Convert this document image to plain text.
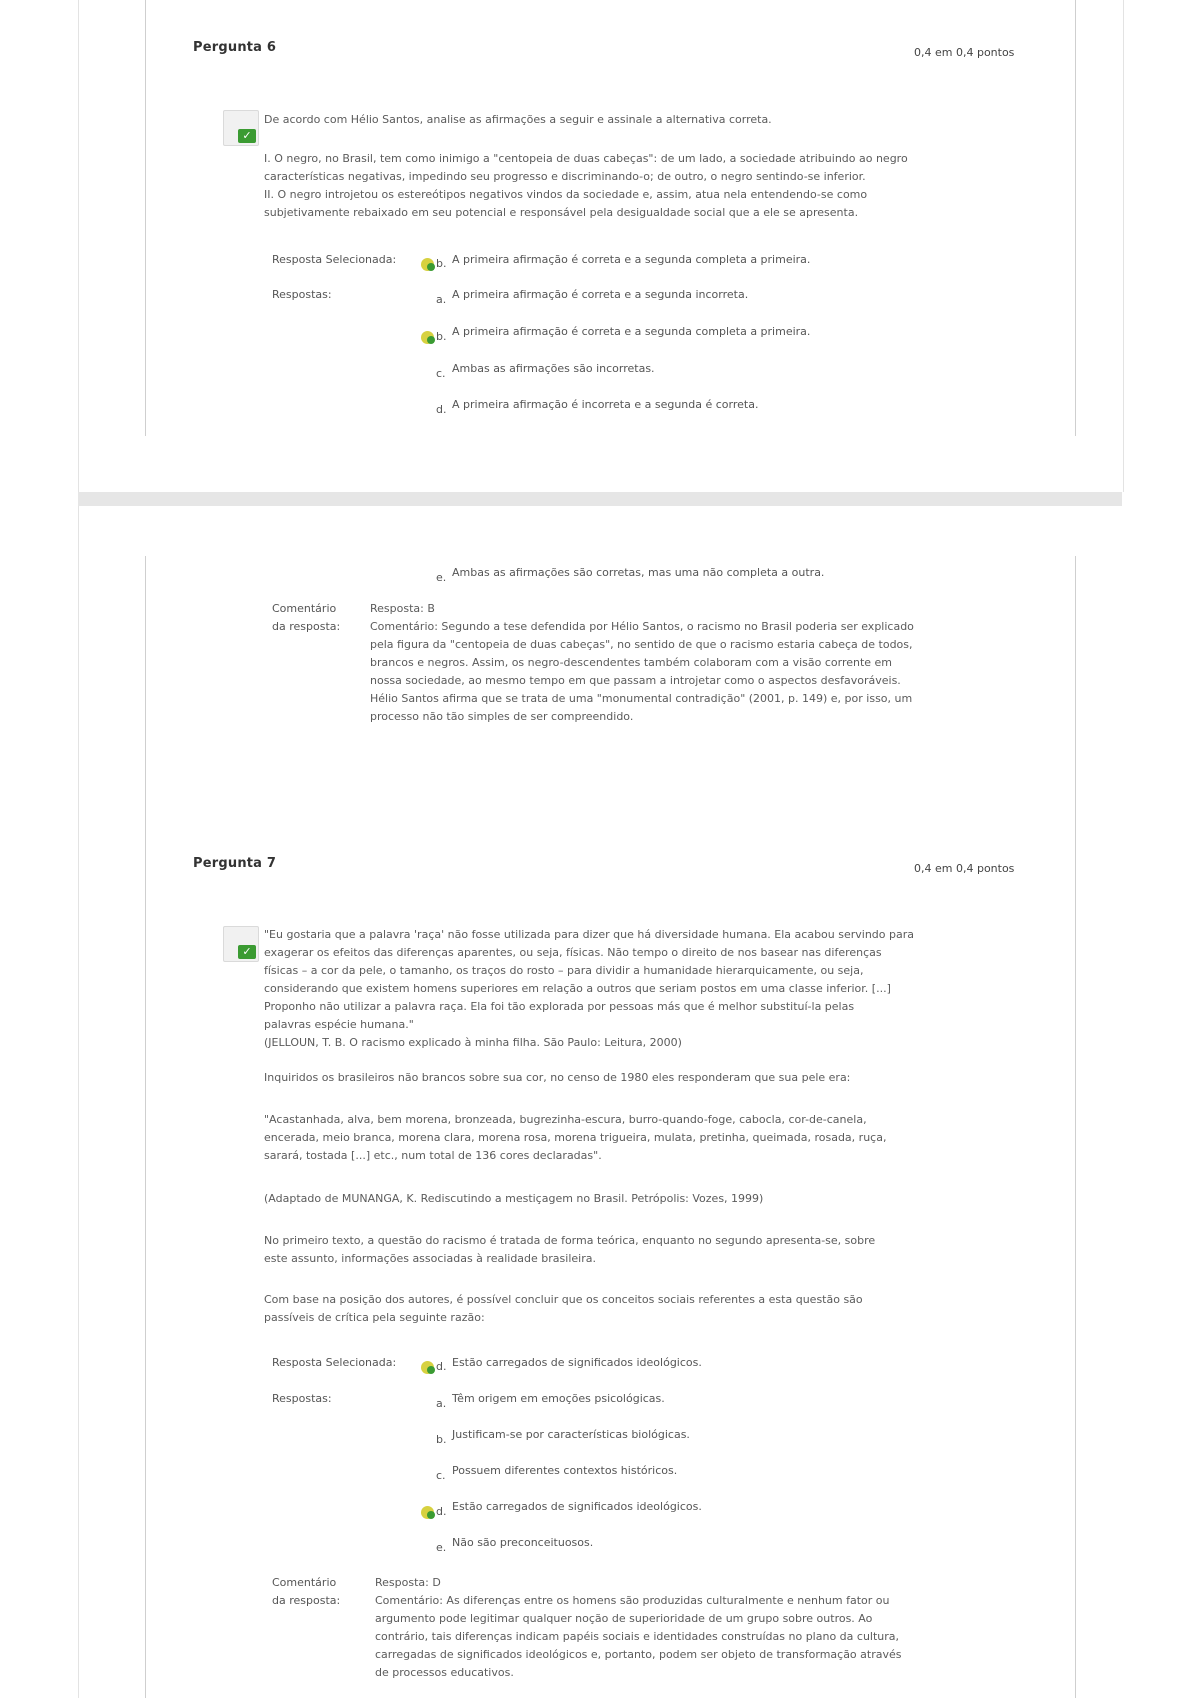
Pergunta 6	0,4 em 0,4 pontos
✓
De acordo com Hélio Santos, analise as afirmações a seguir e assinale a alternativa correta.
I. O negro, no Brasil, tem como inimigo a "centopeia de duas cabeças": de um lado, a sociedade atribuindo ao negro
características negativas, impedindo seu progresso e discriminando-o; de outro, o negro sentindo-se inferior.
II. O negro introjetou os estereótipos negativos vindos da sociedade e, assim, atua nela entendendo-se como
subjetivamente rebaixado em seu potencial e responsável pela desigualdade social que a ele se apresenta.
Resposta Selecionada:	b. A primeira afirmação é correta e a segunda completa a primeira.
Respostas:	a. A primeira afirmação é correta e a segunda incorreta.
b. A primeira afirmação é correta e a segunda completa a primeira.
c. Ambas as afirmações são incorretas.
d. A primeira afirmação é incorreta e a segunda é correta.
e. Ambas as afirmações são corretas, mas uma não completa a outra.
Comentário
da resposta:
Resposta: B
Comentário: Segundo a tese defendida por Hélio Santos, o racismo no Brasil poderia ser explicado
pela figura da "centopeia de duas cabeças", no sentido de que o racismo estaria cabeça de todos,
brancos e negros. Assim, os negro-descendentes também colaboram com a visão corrente em
nossa sociedade, ao mesmo tempo em que passam a introjetar como o aspectos desfavoráveis.
Hélio Santos afirma que se trata de uma "monumental contradição" (2001, p. 149) e, por isso, um
processo não tão simples de ser compreendido.
Pergunta 7	0,4 em 0,4 pontos
✓
"Eu gostaria que a palavra 'raça' não fosse utilizada para dizer que há diversidade humana. Ela acabou servindo para
exagerar os efeitos das diferenças aparentes, ou seja, físicas. Não tempo o direito de nos basear nas diferenças
físicas – a cor da pele, o tamanho, os traços do rosto – para dividir a humanidade hierarquicamente, ou seja,
considerando que existem homens superiores em relação a outros que seriam postos em uma classe inferior. [...]
Proponho não utilizar a palavra raça. Ela foi tão explorada por pessoas más que é melhor substituí-la pelas
palavras espécie humana."
(JELLOUN, T. B. O racismo explicado à minha filha. São Paulo: Leitura, 2000)
Inquiridos os brasileiros não brancos sobre sua cor, no censo de 1980 eles responderam que sua pele era:
"Acastanhada, alva, bem morena, bronzeada, bugrezinha-escura, burro-quando-foge, cabocla, cor-de-canela,
encerada, meio branca, morena clara, morena rosa, morena trigueira, mulata, pretinha, queimada, rosada, ruça,
sarará, tostada [...] etc., num total de 136 cores declaradas".
(Adaptado de MUNANGA, K. Rediscutindo a mestiçagem no Brasil. Petrópolis: Vozes, 1999)
No primeiro texto, a questão do racismo é tratada de forma teórica, enquanto no segundo apresenta-se, sobre
este assunto, informações associadas à realidade brasileira.
Com base na posição dos autores, é possível concluir que os conceitos sociais referentes a esta questão são
passíveis de crítica pela seguinte razão:
Resposta Selecionada:	d. Estão carregados de significados ideológicos.
Respostas:	a. Têm origem em emoções psicológicas.
b. Justificam-se por características biológicas.
c. Possuem diferentes contextos históricos.
d. Estão carregados de significados ideológicos.
e. Não são preconceituosos.
Comentário
da resposta:
Resposta: D
Comentário: As diferenças entre os homens são produzidas culturalmente e nenhum fator ou
argumento pode legitimar qualquer noção de superioridade de um grupo sobre outros. Ao
contrário, tais diferenças indicam papéis sociais e identidades construídas no plano da cultura,
carregadas de significados ideológicos e, portanto, podem ser objeto de transformação através
de processos educativos.
